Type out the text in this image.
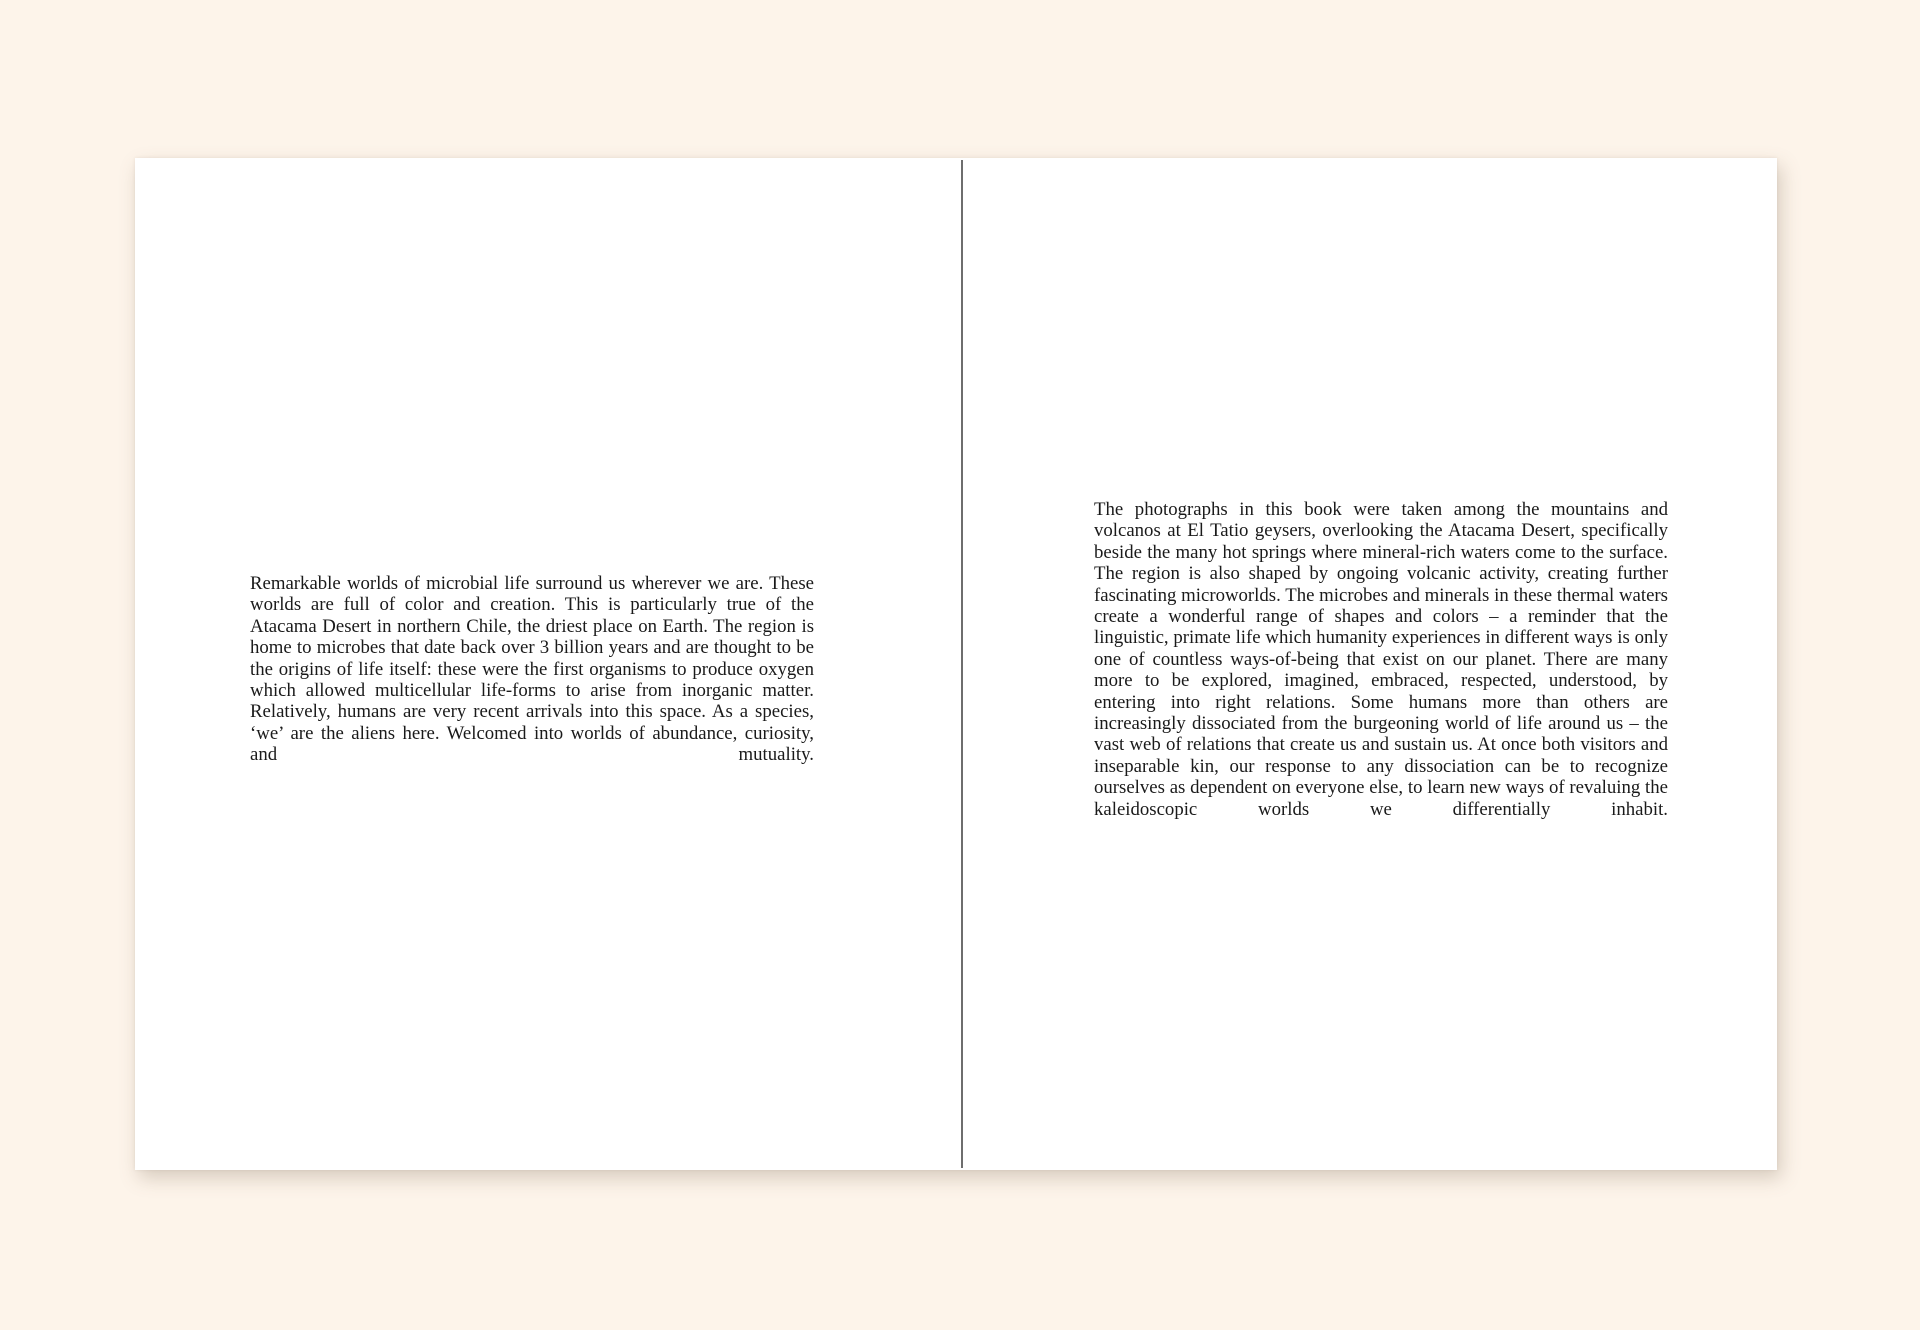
Remarkable worlds of microbial life surround us wherever we are. These worlds are full of color and creation. This is particularly true of the Atacama Desert in northern Chile, the driest place on Earth. The region is home to microbes that date back over 3 billion years and are thought to be the origins of life itself: these were the first organisms to produce oxygen which allowed multicellular life-forms to arise from inorganic matter. Relatively, humans are very recent arrivals into this space. As a species, ‘we’ are the aliens here. Welcomed into worlds of abundance, curiosity, and mutuality.

The photographs in this book were taken among the mountains and volcanos at El Tatio geysers, overlooking the Atacama Desert, specifically beside the many hot springs where mineral-rich waters come to the surface. The region is also shaped by ongoing volcanic activity, creating further fascinating microworlds. The microbes and minerals in these thermal waters create a wonderful range of shapes and colors – a reminder that the linguistic, primate life which humanity experiences in different ways is only one of countless ways-of-being that exist on our planet. There are many more to be explored, imagined, embraced, respected, understood, by entering into right relations. Some humans more than others are increasingly dissociated from the burgeoning world of life around us – the vast web of relations that create us and sustain us. At once both visitors and inseparable kin, our response to any dissociation can be to recognize ourselves as dependent on everyone else, to learn new ways of revaluing the kaleidoscopic worlds we differentially inhabit.
